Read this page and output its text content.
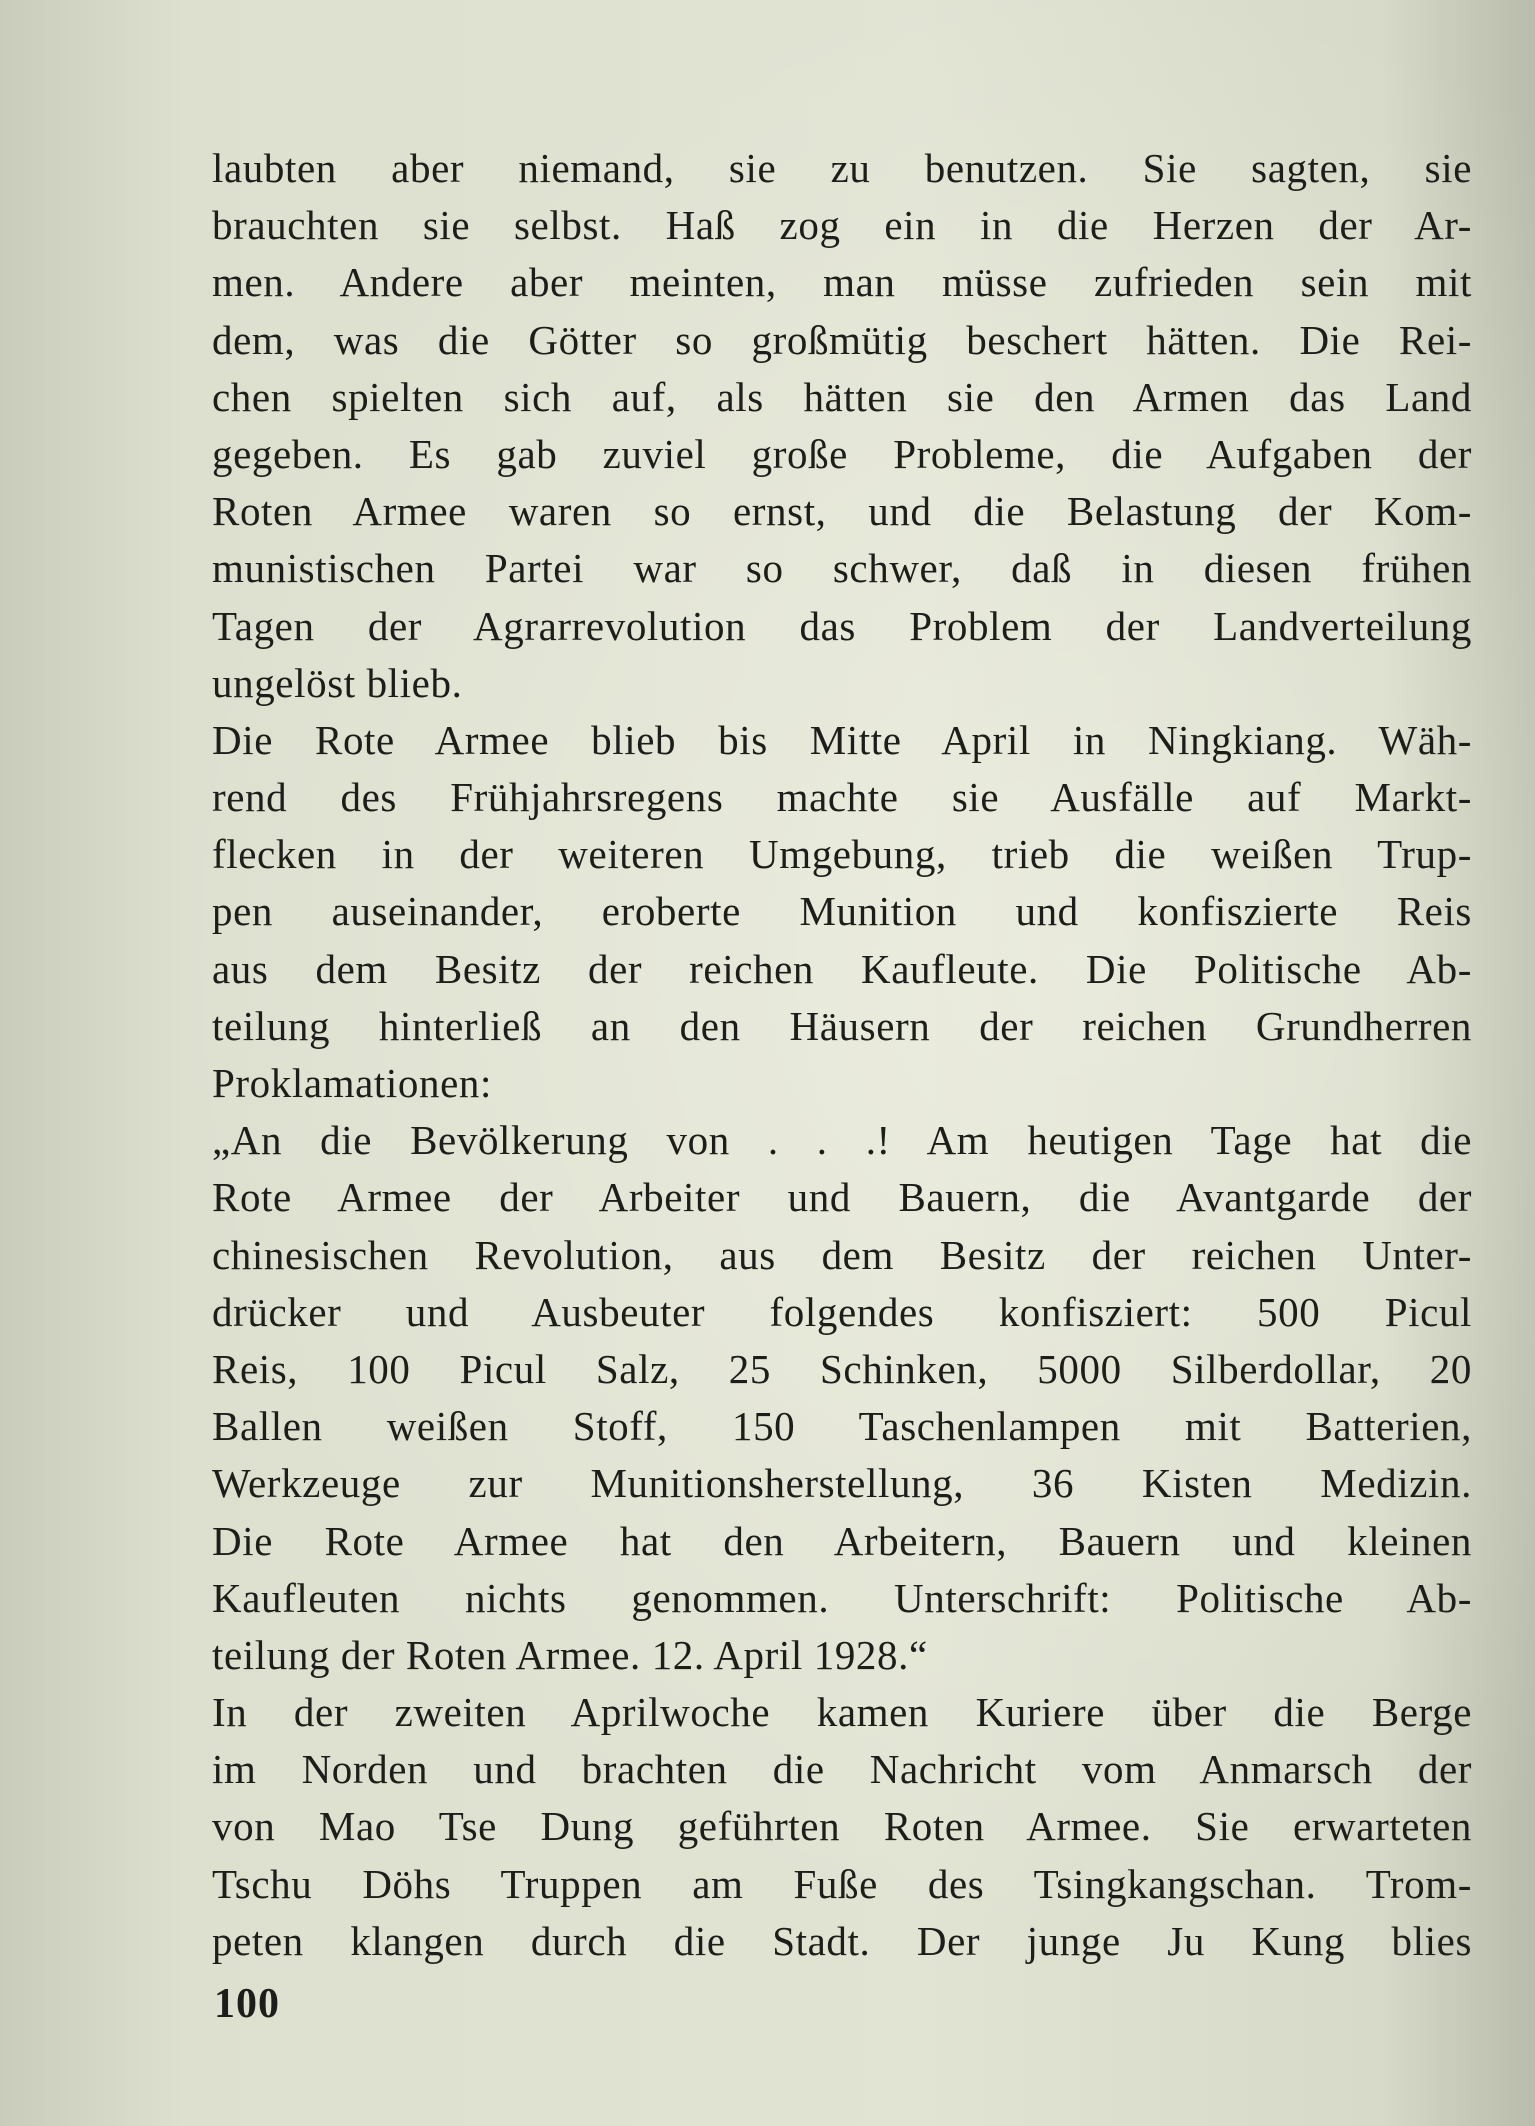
laubten aber niemand, sie zu benutzen. Sie sagten, sie
brauchten sie selbst. Haß zog ein in die Herzen der Ar-
men. Andere aber meinten, man müsse zufrieden sein mit
dem, was die Götter so großmütig beschert hätten. Die Rei-
chen spielten sich auf, als hätten sie den Armen das Land
gegeben. Es gab zuviel große Probleme, die Aufgaben der
Roten Armee waren so ernst, und die Belastung der Kom-
munistischen Partei war so schwer, daß in diesen frühen
Tagen der Agrarrevolution das Problem der Landverteilung
ungelöst blieb.
Die Rote Armee blieb bis Mitte April in Ningkiang. Wäh-
rend des Frühjahrsregens machte sie Ausfälle auf Markt-
flecken in der weiteren Umgebung, trieb die weißen Trup-
pen auseinander, eroberte Munition und konfiszierte Reis
aus dem Besitz der reichen Kaufleute. Die Politische Ab-
teilung hinterließ an den Häusern der reichen Grundherren
Proklamationen:
„An die Bevölkerung von . . .! Am heutigen Tage hat die
Rote Armee der Arbeiter und Bauern, die Avantgarde der
chinesischen Revolution, aus dem Besitz der reichen Unter-
drücker und Ausbeuter folgendes konfisziert: 500 Picul
Reis, 100 Picul Salz, 25 Schinken, 5000 Silberdollar, 20
Ballen weißen Stoff, 150 Taschenlampen mit Batterien,
Werkzeuge zur Munitionsherstellung, 36 Kisten Medizin.
Die Rote Armee hat den Arbeitern, Bauern und kleinen
Kaufleuten nichts genommen. Unterschrift: Politische Ab-
teilung der Roten Armee. 12. April 1928.“
In der zweiten Aprilwoche kamen Kuriere über die Berge
im Norden und brachten die Nachricht vom Anmarsch der
von Mao Tse Dung geführten Roten Armee. Sie erwarteten
Tschu Döhs Truppen am Fuße des Tsingkangschan. Trom-
peten klangen durch die Stadt. Der junge Ju Kung blies
100
